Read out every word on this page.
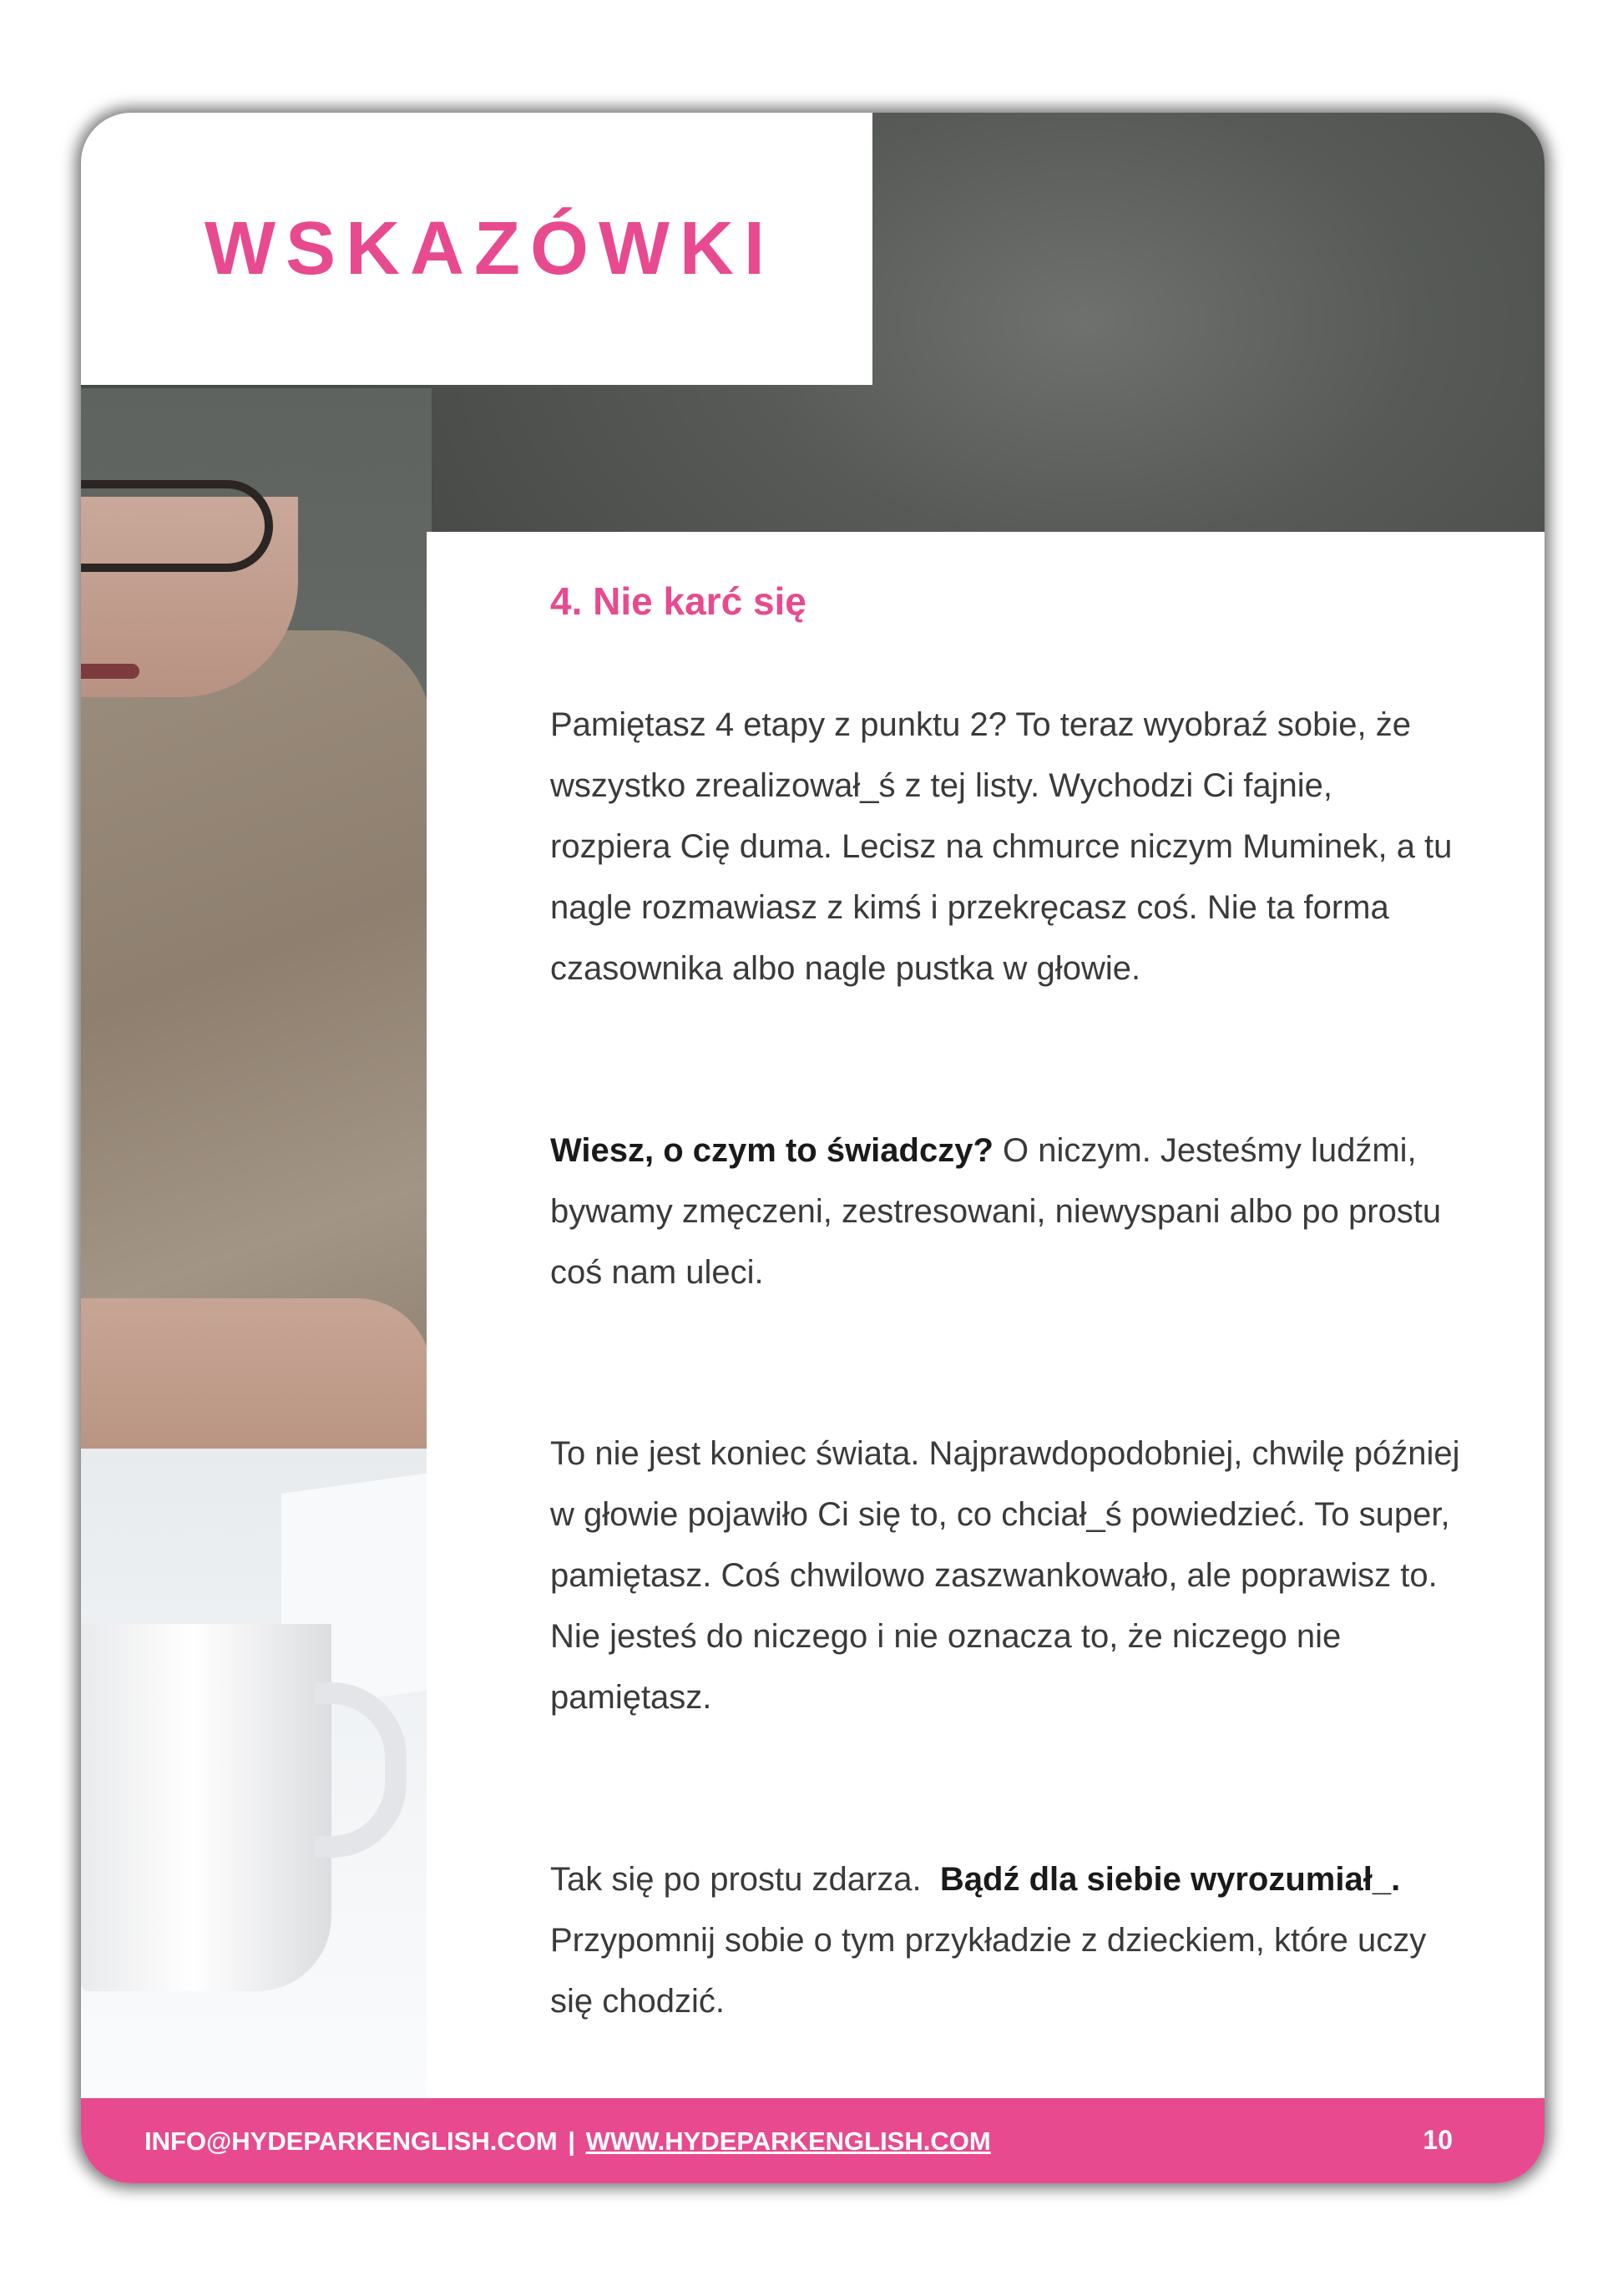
WSKAZÓWKI
4. Nie karć się

Pamiętasz 4 etapy z punktu 2? To teraz wyobraź sobie, że wszystko zrealizował_ś z tej listy. Wychodzi Ci fajnie, rozpiera Cię duma. Lecisz na chmurce niczym Muminek, a tu nagle rozmawiasz z kimś i przekręcasz coś. Nie ta forma czasownika albo nagle pustka w głowie.

Wiesz, o czym to świadczy? O niczym. Jesteśmy ludźmi, bywamy zmęczeni, zestresowani, niewyspani albo po prostu coś nam uleci.

To nie jest koniec świata. Najprawdopodobniej, chwilę później w głowie pojawiło Ci się to, co chciał_ś powiedzieć. To super, pamiętasz. Coś chwilowo zaszwankowało, ale poprawisz to. Nie jesteś do niczego i nie oznacza to, że niczego nie pamiętasz.

Tak się po prostu zdarza.  Bądź dla siebie wyrozumiał_. Przypomnij sobie o tym przykładzie z dzieckiem, które uczy się chodzić.

INFO@HYDEPARKENGLISH.COM | WWW.HYDEPARKENGLISH.COM	10
